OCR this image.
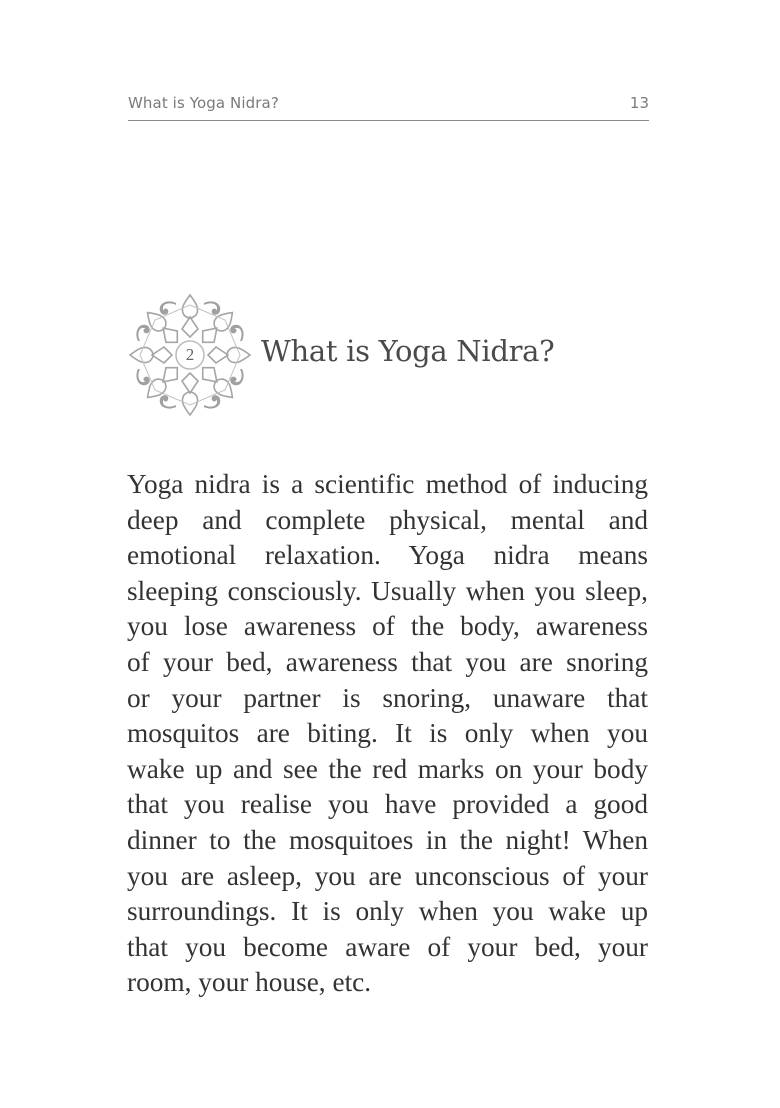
What is Yoga Nidra?	13
2	What is Yoga Nidra?
Yoga nidra is a scientific method of inducing
deep and complete physical, mental and
emotional relaxation. Yoga nidra means
sleeping consciously. Usually when you sleep,
you lose awareness of the body, awareness
of your bed, awareness that you are snoring
or your partner is snoring, unaware that
mosquitos are biting. It is only when you
wake up and see the red marks on your body
that you realise you have provided a good
dinner to the mosquitoes in the night! When
you are asleep, you are unconscious of your
surroundings. It is only when you wake up
that you become aware of your bed, your
room, your house, etc.
